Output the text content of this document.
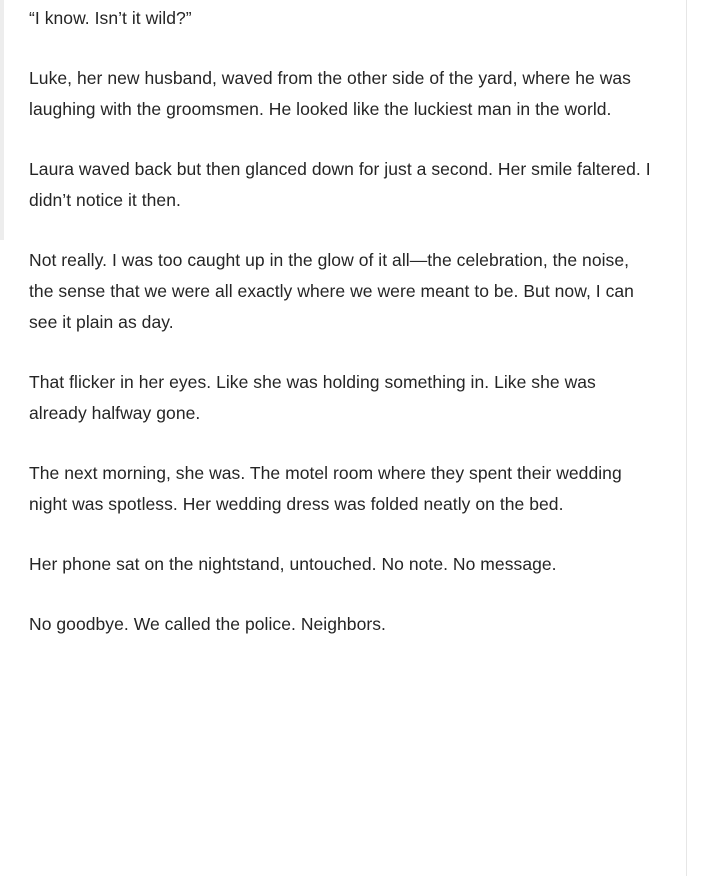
“I know. Isn’t it wild?”

Luke, her new husband, waved from the other side of the yard, where he was laughing with the groomsmen. He looked like the luckiest man in the world.

Laura waved back but then glanced down for just a second. Her smile faltered. I didn’t notice it then.

Not really. I was too caught up in the glow of it all—the celebration, the noise, the sense that we were all exactly where we were meant to be. But now, I can see it plain as day.

That flicker in her eyes. Like she was holding something in. Like she was already halfway gone.

The next morning, she was. The motel room where they spent their wedding night was spotless. Her wedding dress was folded neatly on the bed.

Her phone sat on the nightstand, untouched. No note. No message.

No goodbye. We called the police. Neighbors.
